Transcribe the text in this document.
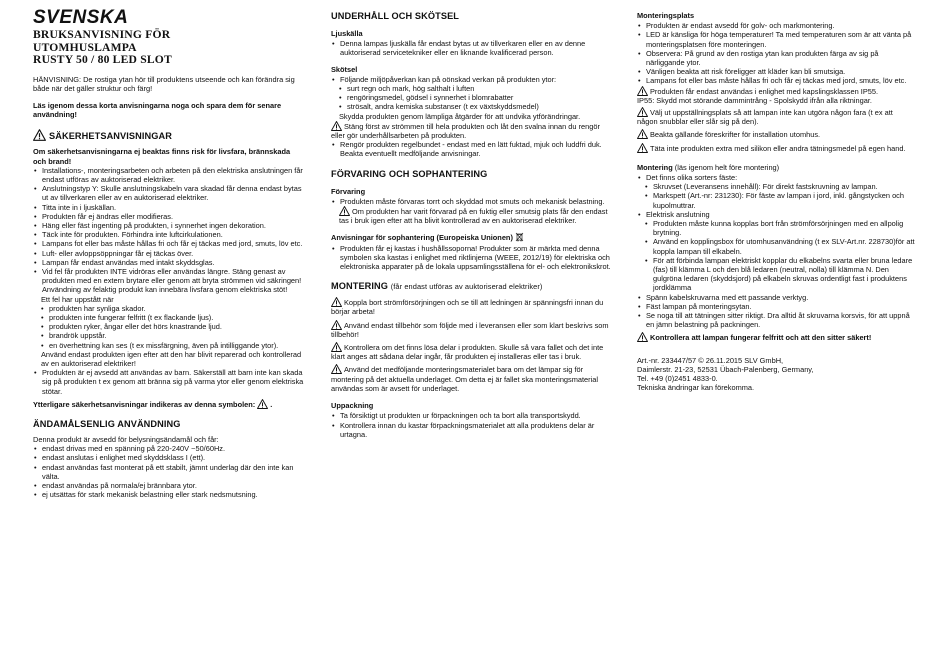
SVENSKA
BRUKSANVISNING FÖR
UTOMHUSLAMPA
RUSTY 50 / 80 LED SLOT

HÄNVISNING: De rostiga ytan hör till produktens utseende och kan förändra sig både när det gäller struktur och färg!

Läs igenom dessa korta anvisningarna noga och spara dem för senare användning!

SÄKERHETSANVISNINGAR

Om säkerhetsanvisningarna ej beaktas finns risk för livsfara, brännskada och brand!

• Installations-, monteringsarbeten och arbeten på den elektriska anslutningen får endast utföras av auktoriserad elektriker.
• Anslutningstyp Y: Skulle anslutningskabeln vara skadad får denna endast bytas ut av tillverkaren eller av en auktoriserad elektriker.
• Titta inte in i ljuskällan.
• Produkten får ej ändras eller modifieras.
• Häng eller fäst ingenting på produkten, i synnerhet ingen dekoration.
• Täck inte för produkten. Förhindra inte luftcirkulationen.
• Lampans fot eller bas måste hållas fri och får ej täckas med jord, smuts, löv etc.
• Luft- eller avloppsöppningar får ej täckas över.
• Lampan får endast användas med intakt skyddsglas.
• Vid fel får produkten INTE vidröras eller användas längre. Stäng genast av produkten med en extern brytare eller genom att bryta strömmen vid säkringen! Användning av felaktig produkt kan innebära livsfara genom elektriska stöt!

Ett fel har uppstått när

• produkten har synliga skador.
• produkten inte fungerar felfritt (t ex flackande ljus).
• produkten ryker, ångar eller det hörs knastrande ljud.
• brandrök uppstår.
• en överhettning kan ses (t ex missfärgning, även på intilliggande ytor).

Använd endast produkten igen efter att den har blivit reparerad och kontrollerad av en auktoriserad elektriker!

• Produkten är ej avsedd att användas av barn. Säkerställ att barn inte kan skada sig på produkten t ex genom att bränna sig på varma ytor eller genom elektriska stötar.

Ytterligare säkerhetsanvisningar indikeras av denna symbolen: .

ÄNDAMÅLSENLIG ANVÄNDNING

Denna produkt är avsedd för belysningsändamål och får:

• endast drivas med en spänning på 220-240V ~50/60Hz.
• endast anslutas i enlighet med skyddsklass I (ett).
• endast användas fast monterat på ett stabilt, jämnt underlag där den inte kan välta.
• endast användas på normala/ej brännbara ytor.
• ej utsättas för stark mekanisk belastning eller stark nedsmutsning.
UNDERHÅLL OCH SKÖTSEL
Ljuskälla
• Denna lampas ljuskälla får endast bytas ut av tillverkaren eller en av denne auktoriserad servicetekniker eller en liknande kvalificerad person.
Skötsel
• Följande miljöpåverkan kan på oönskad verkan på produkten ytor:
• surt regn och mark, hög salthalt i luften
• rengöringsmedel, gödsel i synnerhet i blomrabatter
• strösalt, andra kemiska substanser (t ex växtskyddsmedel)

Skydda produkten genom lämpliga åtgärder för att undvika ytförändringar.

Stäng först av strömmen till hela produkten och låt den svalna innan du rengör eller gör underhållsarbeten på produkten.

• Rengör produkten regelbundet - endast med en lätt fuktad, mjuk och luddfri duk. Beakta eventuellt medföljande anvisningar.
FÖRVARING OCH SOPHANTERING
Förvaring
• Produkten måste förvaras torrt och skyddad mot smuts och mekanisk belastning.

Om produkten har varit förvarad på en fuktig eller smutsig plats får den endast tas i bruk igen efter att ha blivit kontrollerad av en auktoriserad elektriker.

Anvisningar för sophantering (Europeiska Unionen)
• Produkten får ej kastas i hushållssoporna! Produkter som är märkta med denna symbolen ska kastas i enlighet med riktlinjerna (WEEE, 2012/19) för elektriska och elektroniska apparater på de lokala uppsamlingsställena för el- och elektronikskrot.
MONTERING (får endast utföras av auktoriserad elektriker)

Koppla bort strömförsörjningen och se till att ledningen är spänningsfri innan du börjar arbeta!

Använd endast tillbehör som följde med i leveransen eller som klart beskrivs som tillbehör!

Kontrollera om det finns lösa delar i produkten. Skulle så vara fallet och det inte klart anges att sådana delar ingår, får produkten ej installeras eller tas i bruk.

Använd det medföljande monteringsmaterialet bara om det lämpar sig för montering på det aktuella underlaget. Om detta ej är fallet ska monteringsmaterial användas som är avsett för underlaget.

Uppackning
• Ta försiktigt ut produkten ur förpackningen och ta bort alla transportskydd.
• Kontrollera innan du kastar förpackningsmaterialet att alla produktens delar är urtagna.
Monteringsplats
• Produkten är endast avsedd för golv- och markmontering.
• LED är känsliga för höga temperaturer! Ta med temperaturen som är att vänta på monteringsplatsen före monteringen.
• Observera: På grund av den rostiga ytan kan produkten färga av sig på närliggande ytor.
• Vänligen beakta att risk föreligger att kläder kan bli smutsiga.
• Lampans fot eller bas måste hållas fri och får ej täckas med jord, smuts, löv etc.

Produkten får endast användas i enlighet med kapslingsklassen IP55.

IP55: Skydd mot störande dammintrång - Spolskydd ifrån alla riktningar.

Välj ut uppställningsplats så att lampan inte kan utgöra någon fara (t ex att någon snubblar eller slår sig på den).

Beakta gällande föreskrifter för installation utomhus.

Täta inte produkten extra med silikon eller andra tätningsmedel på egen hand.

Montering (läs igenom helt före montering)
• Det finns olika sorters fäste:
• Skruvset (Leveransens innehåll): För direkt fastskruvning av lampan.
• Markspett (Art.-nr: 231230): För fäste av lampan i jord, inkl. gångstycken och kupolmuttrar.
• Elektrisk anslutning
• Produkten måste kunna kopplas bort från strömförsörjningen med en allpolig brytning.
• Använd en kopplingsbox för utomhusanvändning (t ex SLV-Art.nr. 228730)för att koppla lampan till elkabeln.
• För att förbinda lampan elektriskt kopplar du elkabelns svarta eller bruna ledare (fas) till klämma L och den blå ledaren (neutral, nolla) till klämma N. Den gulgröna ledaren (skyddsjord) på elkabeln skruvas ordentligt fast i produktens jordklämma
• Spänn kabelskruvarna med ett passande verktyg.
• Fäst lampan på monteringsytan.
• Se noga till att tätningen sitter riktigt. Dra alltid åt skruvarna korsvis, för att uppnå en jämn belastning på packningen.

Kontrollera att lampan fungerar felfritt och att den sitter säkert!

Art.-nr. 233447/57 © 26.11.2015 SLV GmbH,
Daimlerstr. 21-23, 52531 Übach-Palenberg, Germany,
Tel. +49 (0)2451 4833-0.
Tekniska ändringar kan förekomma.
